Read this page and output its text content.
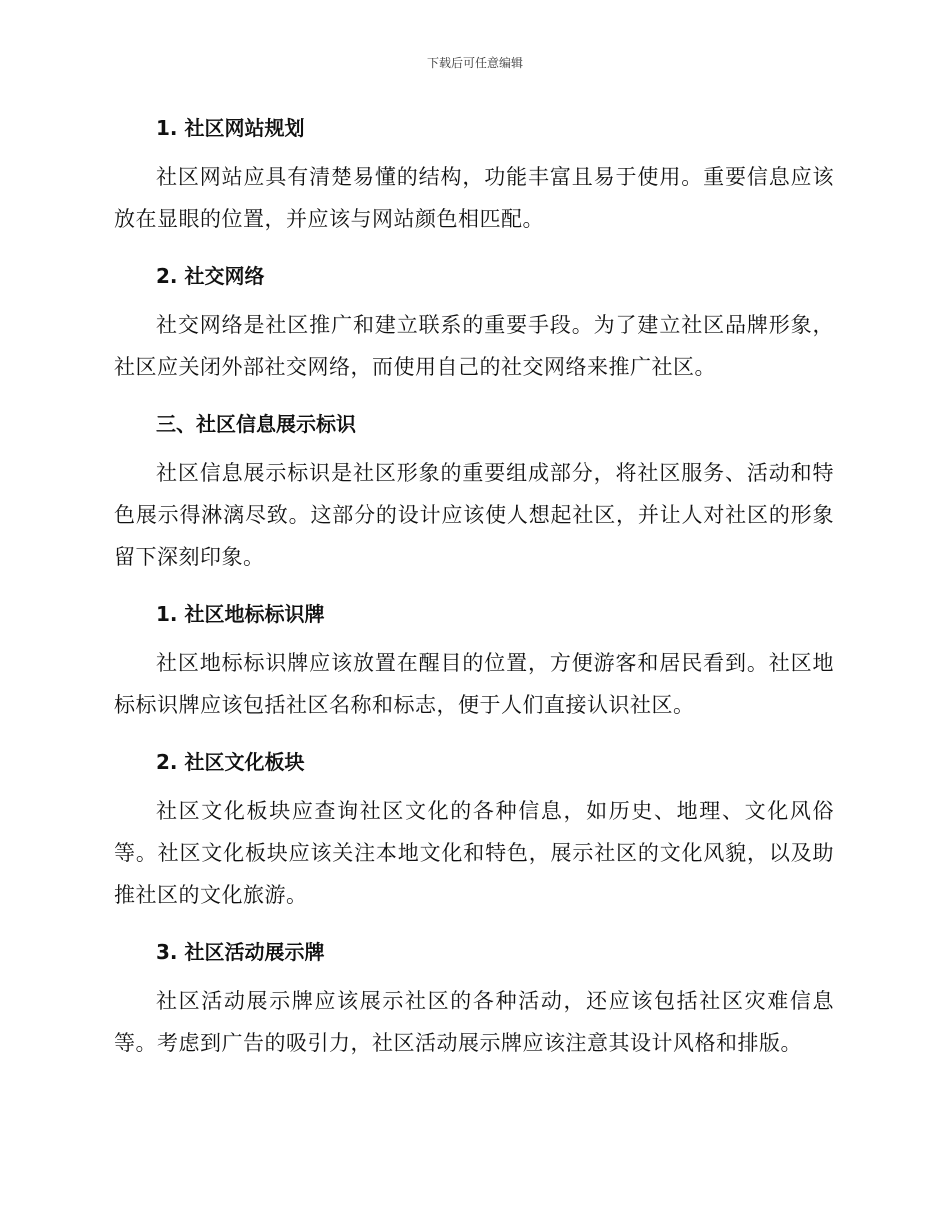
下载后可任意编辑
1. 社区网站规划
社区网站应具有清楚易懂的结构，功能丰富且易于使用。重要信息应该放在显眼的位置，并应该与网站颜色相匹配。
2. 社交网络
社交网络是社区推广和建立联系的重要手段。为了建立社区品牌形象，社区应关闭外部社交网络，而使用自己的社交网络来推广社区。
三、社区信息展示标识
社区信息展示标识是社区形象的重要组成部分，将社区服务、活动和特色展示得淋漓尽致。这部分的设计应该使人想起社区，并让人对社区的形象留下深刻印象。
1. 社区地标标识牌
社区地标标识牌应该放置在醒目的位置，方便游客和居民看到。社区地标标识牌应该包括社区名称和标志，便于人们直接认识社区。
2. 社区文化板块
社区文化板块应查询社区文化的各种信息，如历史、地理、文化风俗等。社区文化板块应该关注本地文化和特色，展示社区的文化风貌，以及助推社区的文化旅游。
3. 社区活动展示牌
社区活动展示牌应该展示社区的各种活动，还应该包括社区灾难信息等。考虑到广告的吸引力，社区活动展示牌应该注意其设计风格和排版。
